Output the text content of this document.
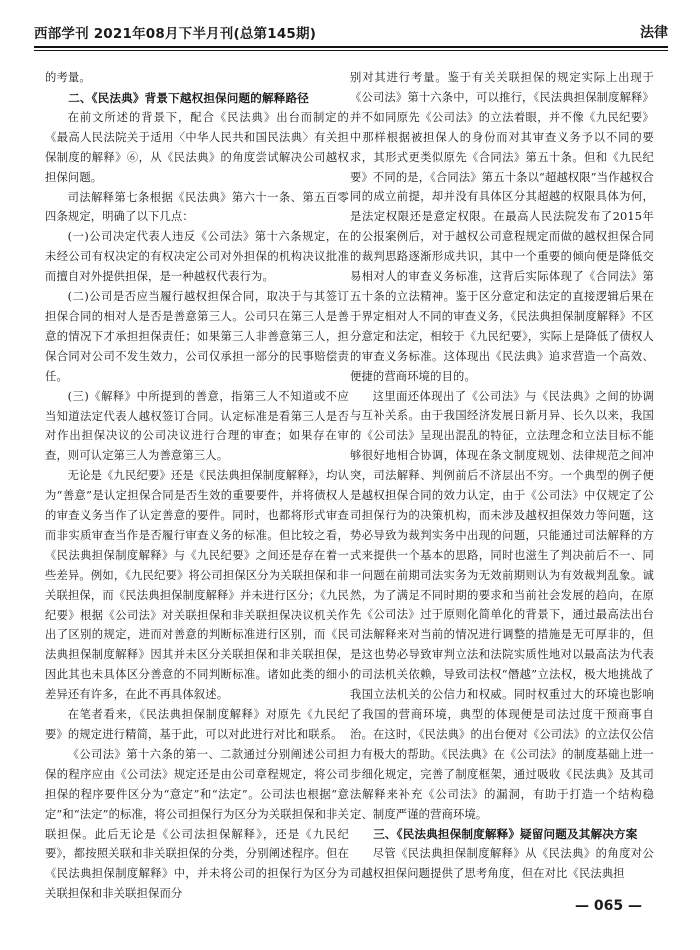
西部学刊 2021年08月下半月刊(总第145期)	法律

的考量。

二、《民法典》背景下越权担保问题的解释路径

在前文所述的背景下，配合《民法典》出台而制定的《最高人民法院关于适用〈中华人民共和国民法典〉有关担保制度的解释》⑥，从《民法典》的角度尝试解决公司越权担保问题。

司法解释第七条根据《民法典》第六十一条、第五百零四条规定，明确了以下几点：

(一)公司决定代表人违反《公司法》第十六条规定，在未经公司有权决定的有权决定公司对外担保的机构决议批准而擅自对外提供担保，是一种越权代表行为。

(二)公司是否应当履行越权担保合同，取决于与其签订担保合同的相对人是否是善意第三人。公司只在第三人是善意的情况下才承担担保责任；如果第三人非善意第三人，担保合同对公司不发生效力，公司仅承担一部分的民事赔偿责任。

(三)《解释》中所提到的善意，指第三人不知道或不应当知道法定代表人越权签订合同。认定标准是看第三人是否对作出担保决议的公司决议进行合理的审查；如果存在审查，则可认定第三人为善意第三人。

无论是《九民纪要》还是《民法典担保制度解释》，均认为“善意”是认定担保合同是否生效的重要要件，并将债权人的审查义务当作了认定善意的要件。同时，也都将形式审查而非实质审查当作是否履行审查义务的标准。但比较之看，《民法典担保制度解释》与《九民纪要》之间还是存在着一些差异。例如，《九民纪要》将公司担保区分为关联担保和非关联担保，而《民法典担保制度解释》并未进行区分；《九民纪要》根据《公司法》对关联担保和非关联担保决议机关作出了区别的规定，进而对善意的判断标准进行区别，而《民法典担保制度解释》因其并未区分关联担保和非关联担保，因此其也未具体区分善意的不同判断标准。诸如此类的细小差异还有许多，在此不再具体叙述。

在笔者看来，《民法典担保制度解释》对原先《九民纪要》的规定进行精简，基于此，可以对此进行对比和联系。

《公司法》第十六条的第一、二款通过分别阐述公司担保的程序应由《公司法》规定还是由公司章程规定，将公司担保的程序要件区分为“意定”和“法定”。公司法也根据“意定”和“法定”的标准，将公司担保行为区分为关联担保和非关联担保。此后无论是《公司法担保解释》，还是《九民纪要》，都按照关联和非关联担保的分类，分别阐述程序。但在《民法典担保制度解释》中，并未将公司的担保行为区分为关联担保和非关联担保而分

别对其进行考量。鉴于有关关联担保的规定实际上出现于《公司法》第十六条中，可以推行，《民法典担保制度解释》并不如同原先《公司法》的立法着眼，并不像《九民纪要》中那样根据被担保人的身份而对其审查义务予以不同的要求，其形式更类似原先《合同法》第五十条。但和《九民纪要》不同的是，《合同法》第五十条以“超越权限”当作越权合同的成立前提，却并没有具体区分其超越的权限具体为何，是法定权限还是意定权限。在最高人民法院发布了2015年的公报案例后，对于越权公司意程规定而做的越权担保合同的裁判思路逐渐形成共识，其中一个重要的倾向便是降低交易相对人的审查义务标准，这背后实际体现了《合同法》第五十条的立法精神。鉴于区分意定和法定的直接逻辑后果在于界定相对人不同的审查义务，《民法典担保制度解释》不区分意定和法定，相较于《九民纪要》，实际上是降低了债权人的审查义务标准。这体现出《民法典》追求营造一个高效、便捷的营商环境的目的。

这里面还体现出了《公司法》与《民法典》之间的协调与互补关系。由于我国经济发展日新月异、长久以来，我国的《公司法》呈现出混乱的特征，立法理念和立法目标不能够很好地相合协调，体现在条文制度规划、法律规范之间冲突，司法解释、判例前后不济层出不穷。一个典型的例子便是越权担保合同的效力认定，由于《公司法》中仅规定了公司担保行为的决策机构，而未涉及越权担保效力等问题，这势必导致为裁判实务中出现的问题，只能通过司法解释的方式来提供一个基本的思路，同时也滋生了判决前后不一、同一问题在前期司法实务为无效前期则认为有效裁判乱象。诚然，为了满足不同时期的要求和当前社会发展的趋向，在原先《公司法》过于原则化简单化的背景下，通过最高法出台司法解释来对当前的情况进行调整的措施是无可厚非的，但是这也势必导致审判立法和法院实质性地对以最高法为代表的司法机关依赖，导致司法权“僭越”立法权，极大地挑战了我国立法机关的公信力和权威。同时权重过大的环境也影响了我国的营商环境，典型的体现便是司法过度干预商事自治。在这时，《民法典》的出台便对《公司法》的立法仅公信力有极大的帮助。《民法典》在《公司法》的制度基础上进一步细化规定，完善了制度框架，通过吸收《民法典》及其司法解释来补充《公司法》的漏洞，有助于打造一个结构稳定、制度严谨的营商环境。

三、《民法典担保制度解释》疑留问题及其解决方案

尽管《民法典担保制度解释》从《民法典》的角度对公司越权担保问题提供了思考角度，但在对比《民法典担

— 065 —
